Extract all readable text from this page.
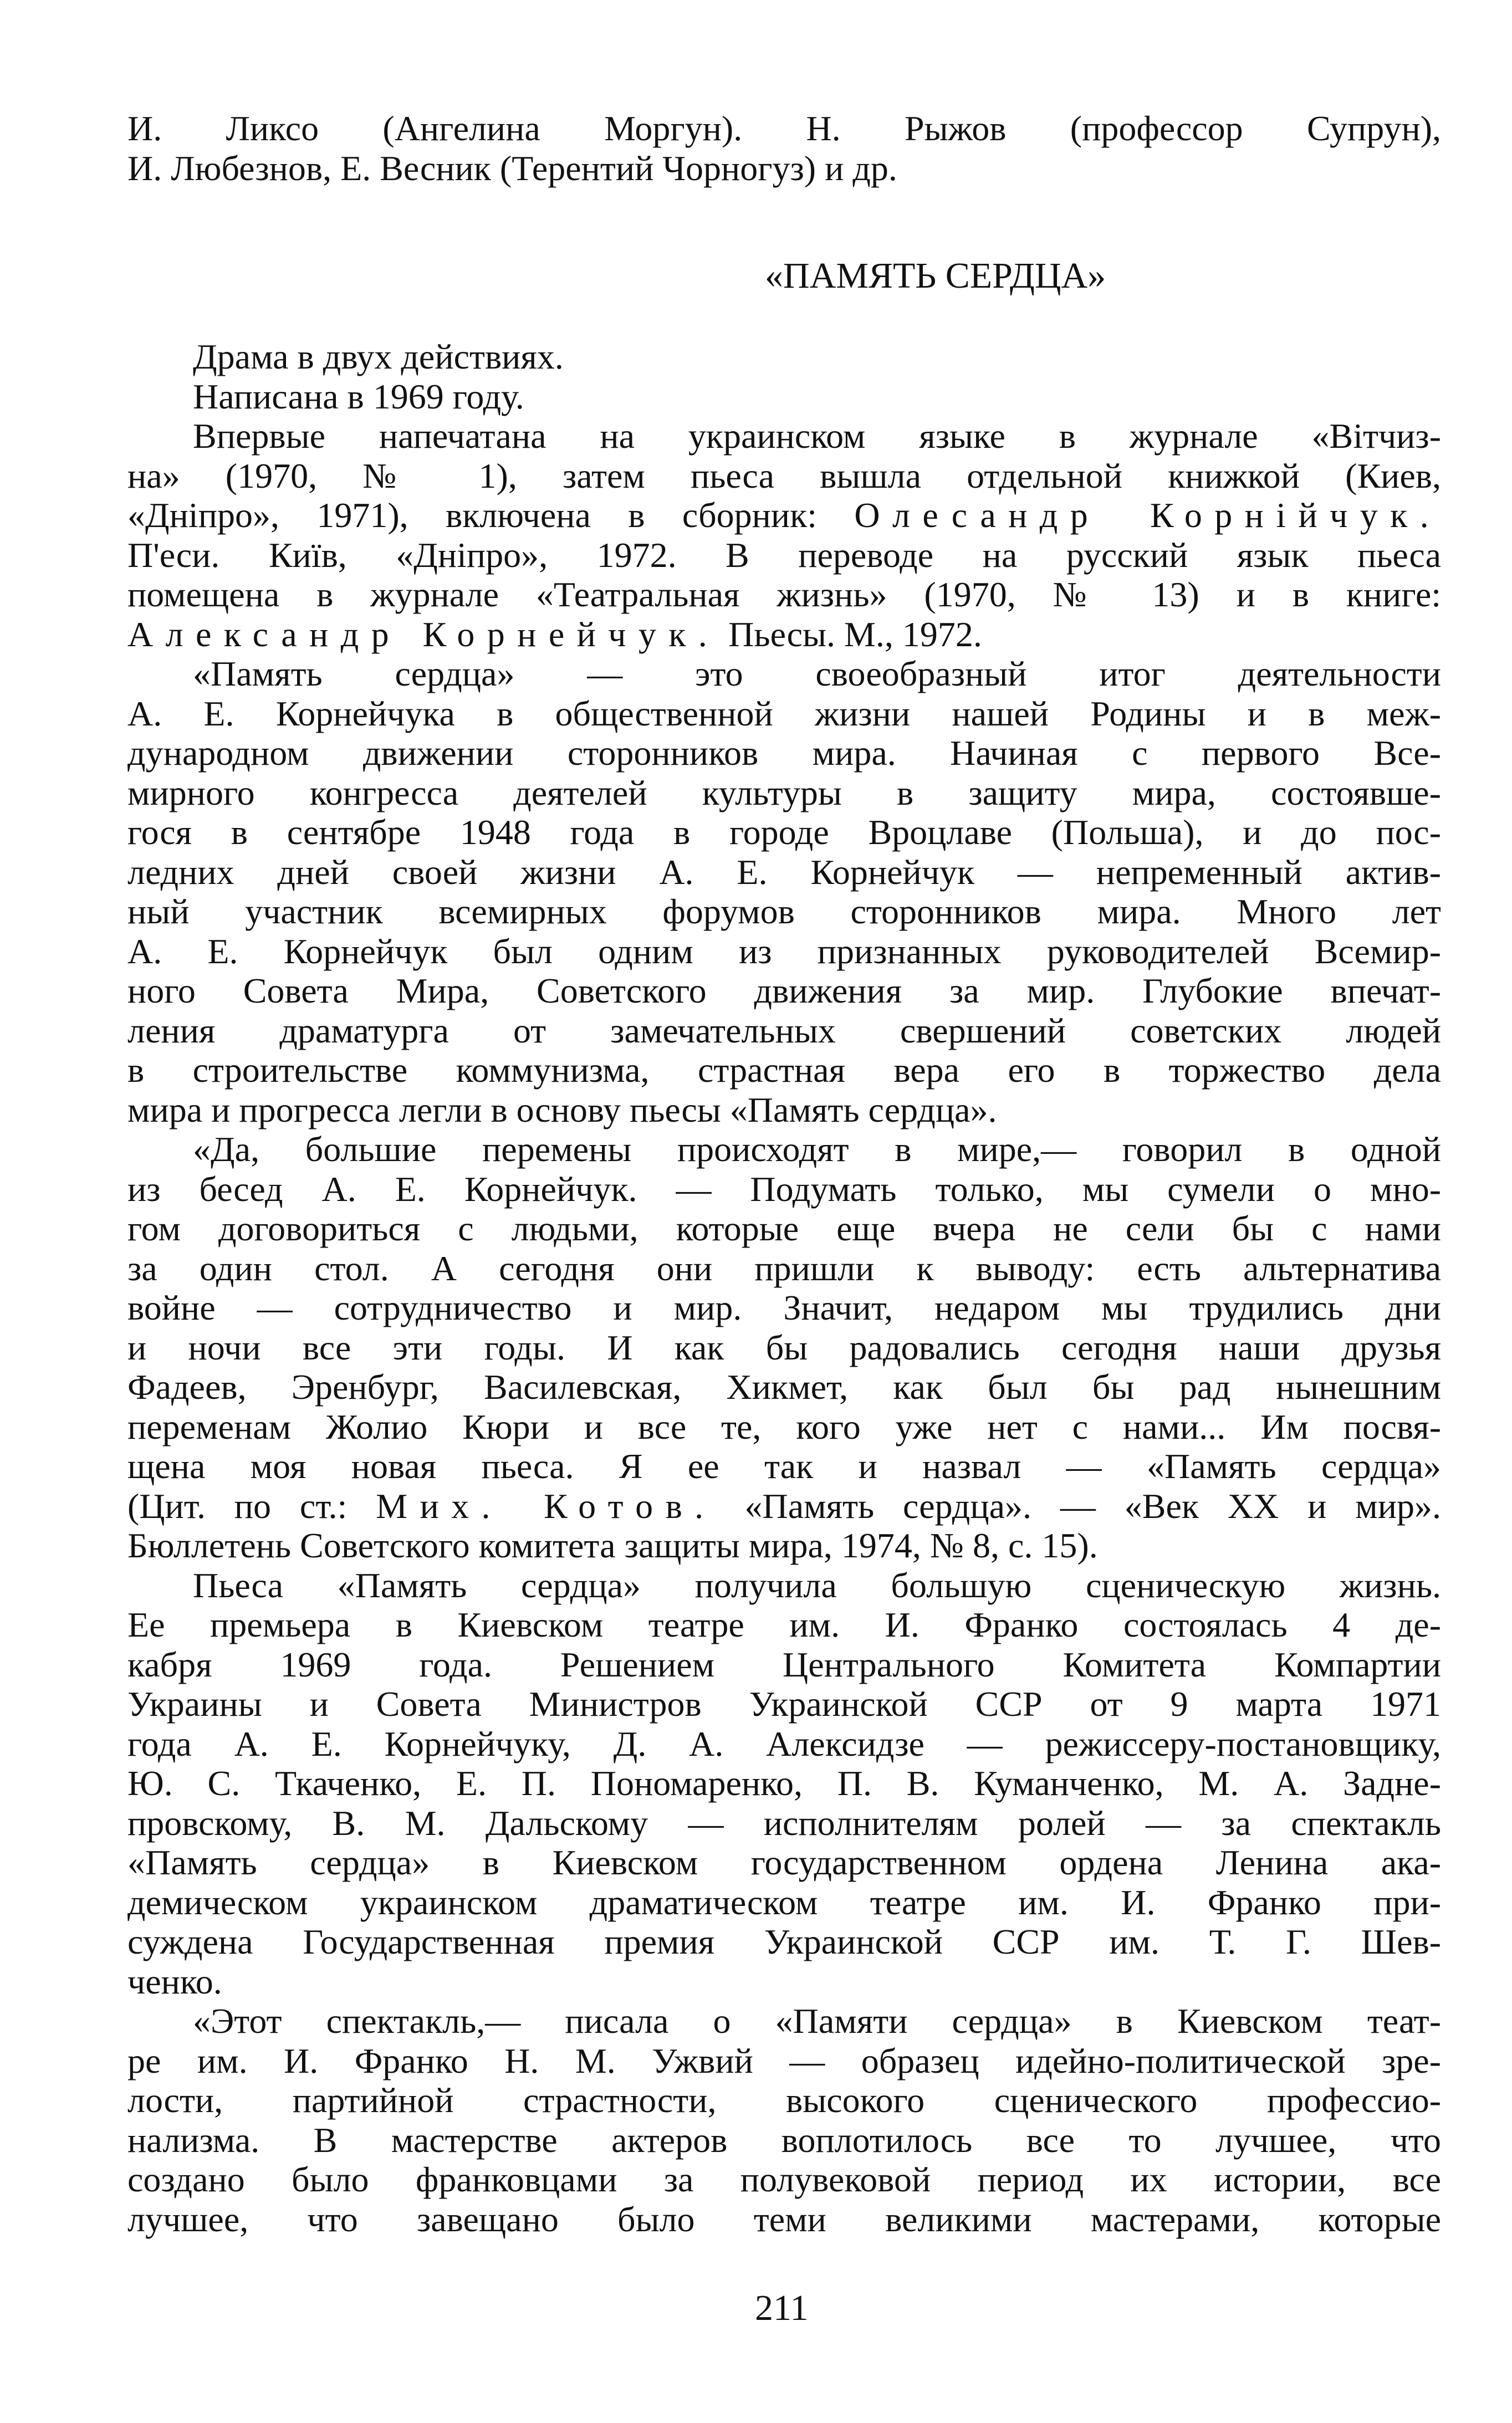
И. Ликсо (Ангелина Моргун). Н. Рыжов (профессор Супрун),
И. Любезнов, Е. Весник (Терентий Чорногуз) и др.
«ПАМЯТЬ СЕРДЦА»
Драма в двух действиях.
Написана в 1969 году.
Впервые напечатана на украинском языке в журнале «Вітчиз-
на» (1970, № 1), затем пьеса вышла отдельной книжкой (Киев,
«Дніпро», 1971), включена в сборник: Олесандр Корнійчук.
П'еси. Київ, «Дніпро», 1972. В переводе на русский язык пьеса
помещена в журнале «Театральная жизнь» (1970, № 13) и в книге:
Александр Корнейчук. Пьесы. М., 1972.
«Память сердца» — это своеобразный итог деятельности
А. Е. Корнейчука в общественной жизни нашей Родины и в меж-
дународном движении сторонников мира. Начиная с первого Все-
мирного конгресса деятелей культуры в защиту мира, состоявше-
гося в сентябре 1948 года в городе Вроцлаве (Польша), и до пос-
ледних дней своей жизни А. Е. Корнейчук — непременный актив-
ный участник всемирных форумов сторонников мира. Много лет
А. Е. Корнейчук был одним из признанных руководителей Всемир-
ного Совета Мира, Советского движения за мир. Глубокие впечат-
ления драматурга от замечательных свершений советских людей
в строительстве коммунизма, страстная вера его в торжество дела
мира и прогресса легли в основу пьесы «Память сердца».
«Да, большие перемены происходят в мире,— говорил в одной
из бесед А. Е. Корнейчук. — Подумать только, мы сумели о мно-
гом договориться с людьми, которые еще вчера не сели бы с нами
за один стол. А сегодня они пришли к выводу: есть альтернатива
войне — сотрудничество и мир. Значит, недаром мы трудились дни
и ночи все эти годы. И как бы радовались сегодня наши друзья
Фадеев, Эренбург, Василевская, Хикмет, как был бы рад нынешним
переменам Жолио Кюри и все те, кого уже нет с нами... Им посвя-
щена моя новая пьеса. Я ее так и назвал — «Память сердца»
(Цит. по ст.: Мих. Котов. «Память сердца». — «Век XX и мир».
Бюллетень Советского комитета защиты мира, 1974, № 8, с. 15).
Пьеса «Память сердца» получила большую сценическую жизнь.
Ее премьера в Киевском театре им. И. Франко состоялась 4 де-
кабря 1969 года. Решением Центрального Комитета Компартии
Украины и Совета Министров Украинской ССР от 9 марта 1971
года А. Е. Корнейчуку, Д. А. Алексидзе — режиссеру-постановщику,
Ю. С. Ткаченко, Е. П. Пономаренко, П. В. Куманченко, М. А. Задне-
провскому, В. М. Дальскому — исполнителям ролей — за спектакль
«Память сердца» в Киевском государственном ордена Ленина ака-
демическом украинском драматическом театре им. И. Франко при-
суждена Государственная премия Украинской ССР им. Т. Г. Шев-
ченко.
«Этот спектакль,— писала о «Памяти сердца» в Киевском теат-
ре им. И. Франко Н. М. Ужвий — образец идейно-политической зре-
лости, партийной страстности, высокого сценического профессио-
нализма. В мастерстве актеров воплотилось все то лучшее, что
создано было франковцами за полувековой период их истории, все
лучшее, что завещано было теми великими мастерами, которые
211
